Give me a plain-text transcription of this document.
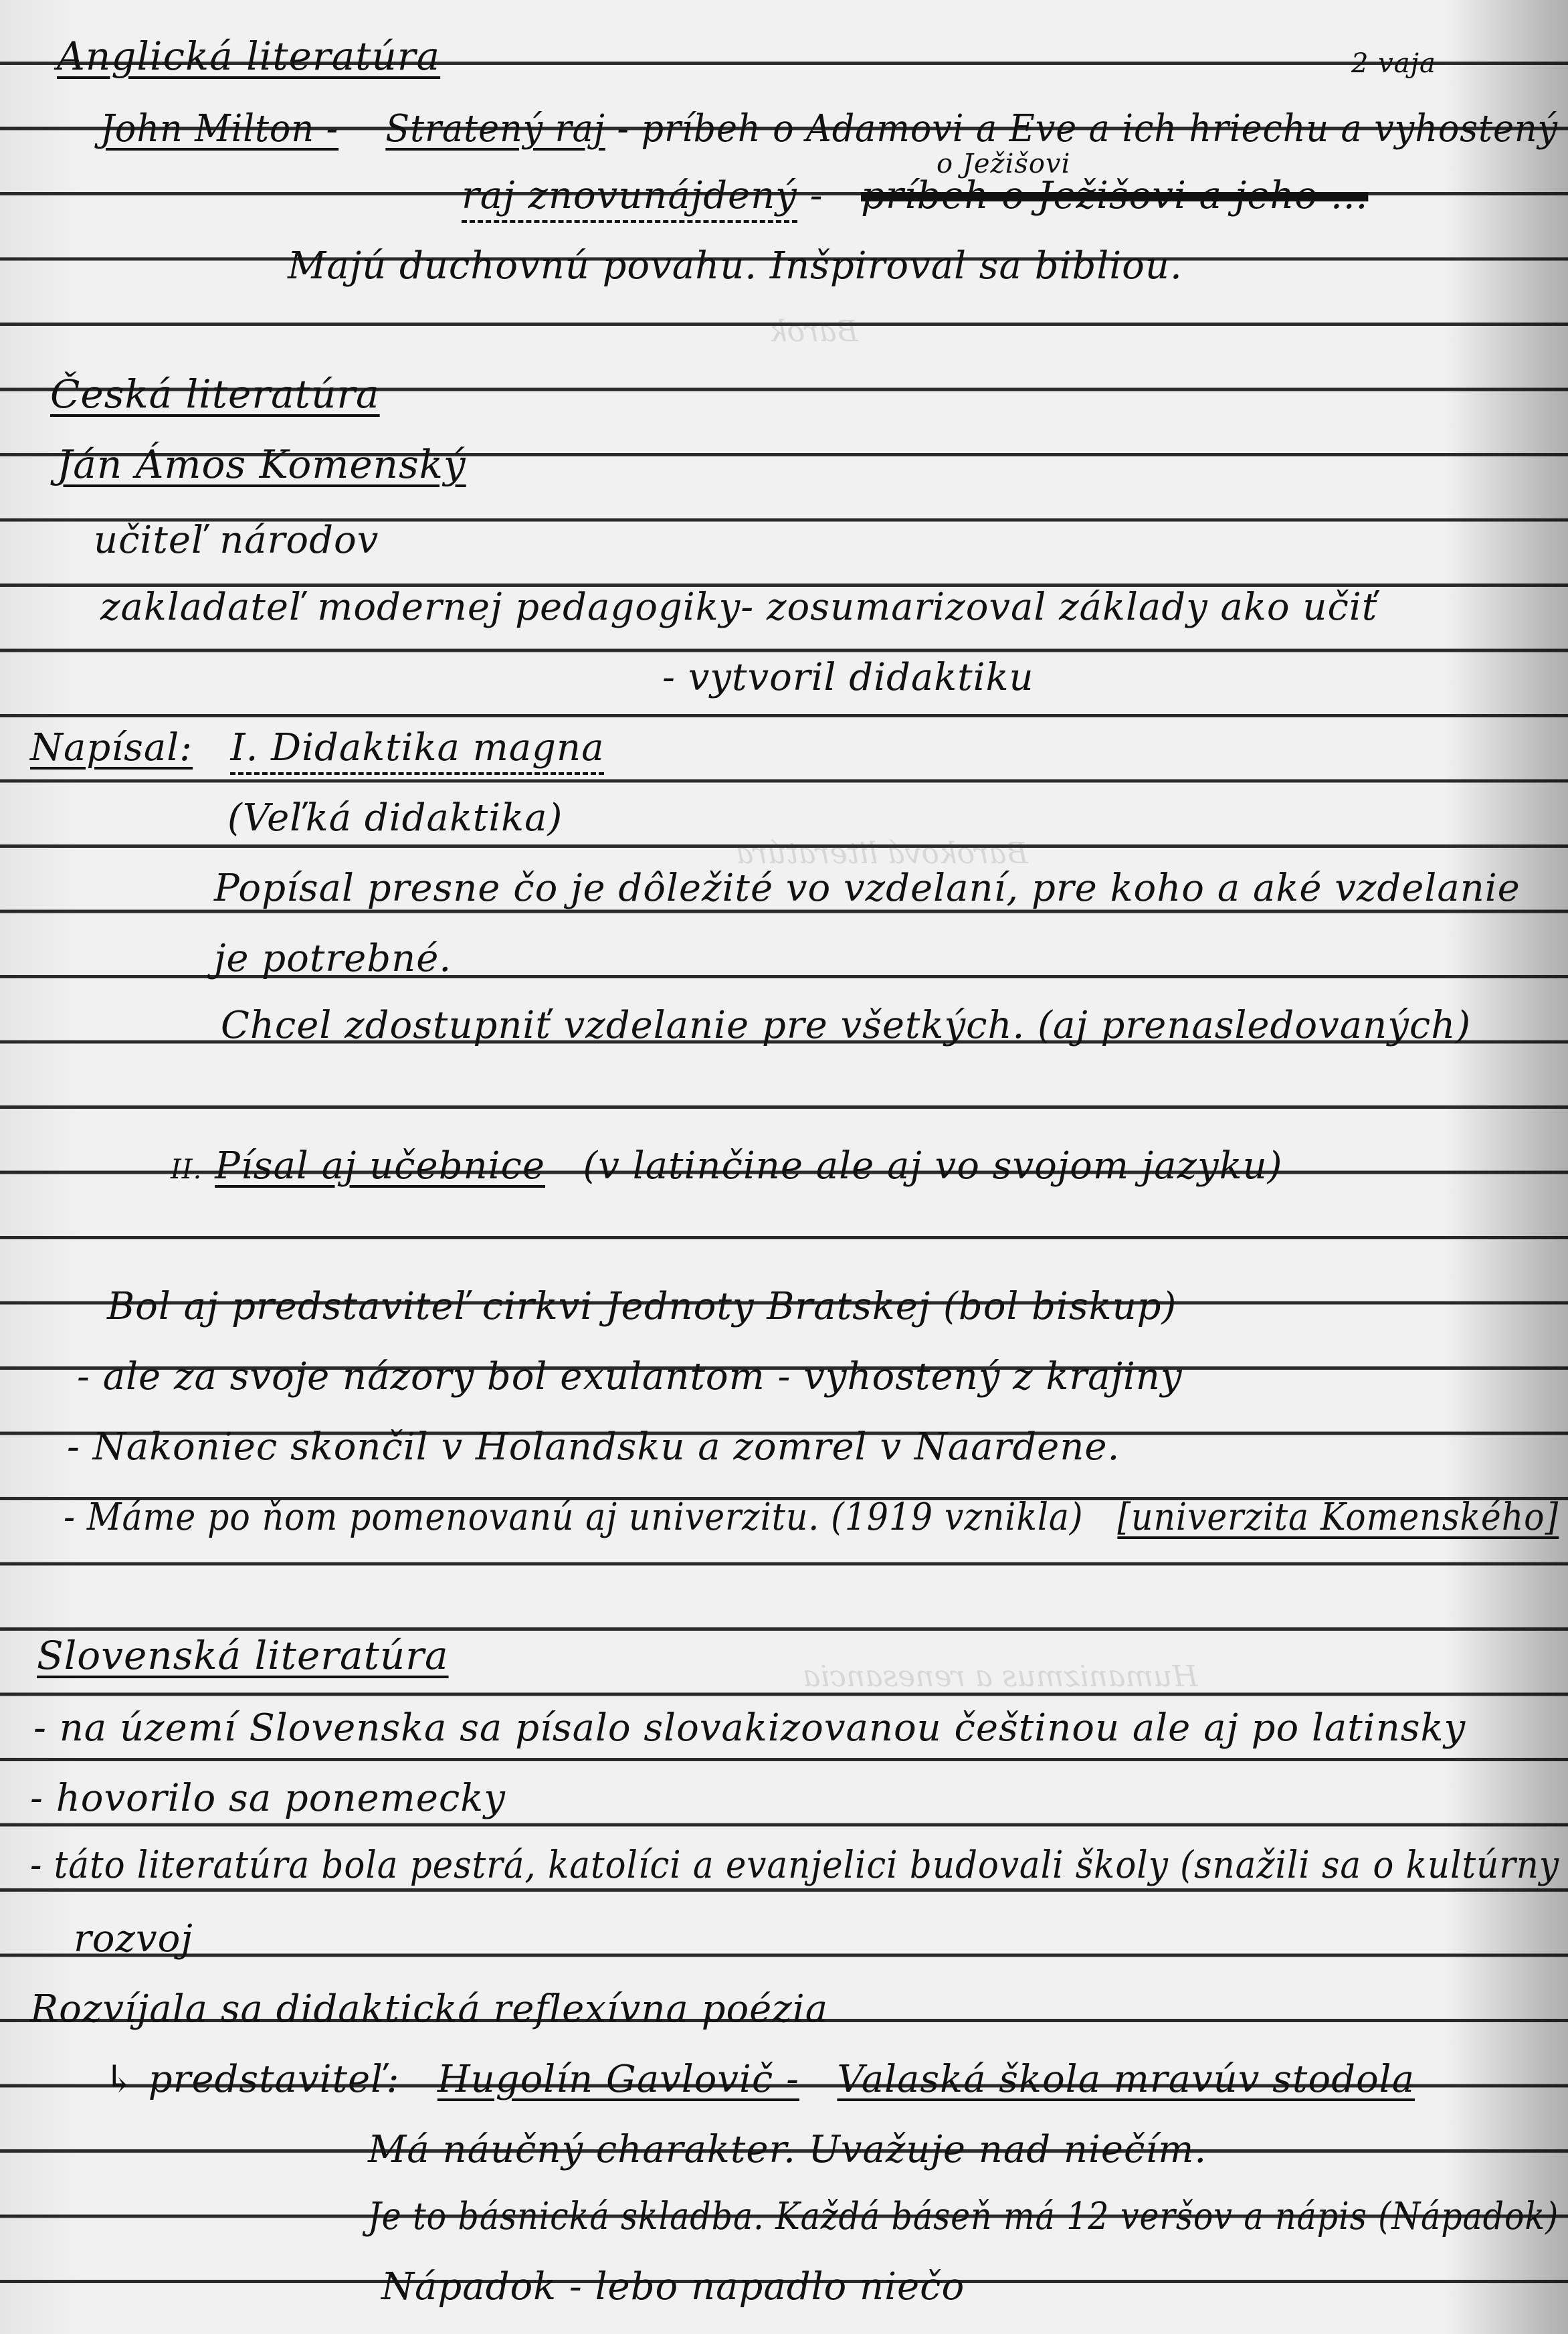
Baroková literatúra
Barok
Humanizmus a renesancia
2 vaja
Anglická literatúra
John Milton - Stratený raj - príbeh o Adamovi a Eve a ich hriechu a vyhostený
o Ježišovi
raj znovunájdený - príbeh o Ježišovi a jeho ...
Majú duchovnú povahu. Inšpiroval sa bibliou.
Česká literatúra
Ján Ámos Komenský
učiteľ národov
zakladateľ modernej pedagogiky- zosumarizoval základy ako učiť
- vytvoril didaktiku
Napísal: I. Didaktika magna
(Veľká didaktika)
Popísal presne čo je dôležité vo vzdelaní, pre koho a aké vzdelanie
je potrebné.
Chcel zdostupniť vzdelanie pre všetkých. (aj prenasledovaných)
II. Písal aj učebnice (v latinčine ale aj vo svojom jazyku)
Bol aj predstaviteľ cirkvi Jednoty Bratskej (bol biskup)
- ale za svoje názory bol exulantom - vyhostený z krajiny
- Nakoniec skončil v Holandsku a zomrel v Naardene.
- Máme po ňom pomenovanú aj univerzitu. (1919 vznikla) [univerzita Komenského]
Slovenská literatúra
- na území Slovenska sa písalo slovakizovanou češtinou ale aj po latinsky
- hovorilo sa ponemecky
- táto literatúra bola pestrá, katolíci a evanjelici budovali školy (snažili sa o kultúrny
rozvoj
Rozvíjala sa didaktická reflexívna poézia
↳ predstaviteľ: Hugolín Gavlovič - Valaská škola mravúv stodola
Má náučný charakter. Uvažuje nad niečím.
Je to básnická skladba. Každá báseň má 12 veršov a nápis (Nápadok)
Nápadok - lebo napadlo niečo
